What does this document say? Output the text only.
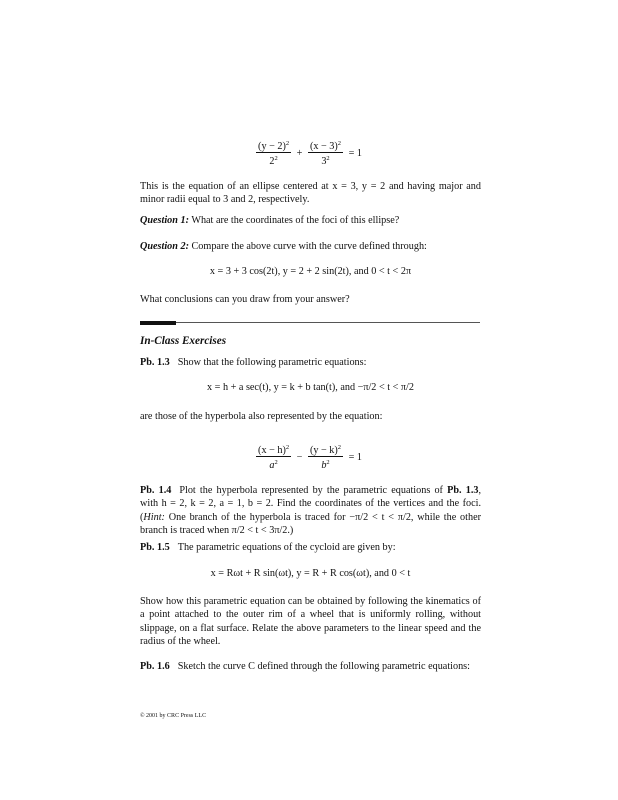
$\frac{(y - 2)^2}{2^2} + \frac{(x - 3)^2}{3^2} = 1$
This is the equation of an ellipse centered at x = 3, y = 2 and having major and minor radii equal to 3 and 2, respectively.
Question 1: What are the coordinates of the foci of this ellipse?
Question 2: Compare the above curve with the curve defined through:
x = 3 + 3 cos(2t), y = 2 + 2 sin(2t), and 0 < t < 2π
What conclusions can you draw from your answer?
In-Class Exercises
Pb. 1.3 Show that the following parametric equations:
x = h + a sec(t), y = k + b tan(t), and −π/2 < t < π/2
are those of the hyperbola also represented by the equation:
$\frac{(x - h)^2}{a^2} - \frac{(y - k)^2}{b^2} = 1$
Pb. 1.4 Plot the hyperbola represented by the parametric equations of Pb. 1.3, with h = 2, k = 2, a = 1, b = 2. Find the coordinates of the vertices and the foci. (Hint: One branch of the hyperbola is traced for −π/2 < t < π/2, while the other branch is traced when π/2 < t < 3π/2.)
Pb. 1.5 The parametric equations of the cycloid are given by:
x = Rωt + R sin(ωt), y = R + R cos(ωt), and 0 < t
Show how this parametric equation can be obtained by following the kinematics of a point attached to the outer rim of a wheel that is uniformly rolling, without slippage, on a flat surface. Relate the above parameters to the linear speed and the radius of the wheel.
Pb. 1.6 Sketch the curve C defined through the following parametric equations:
© 2001 by CRC Press LLC
